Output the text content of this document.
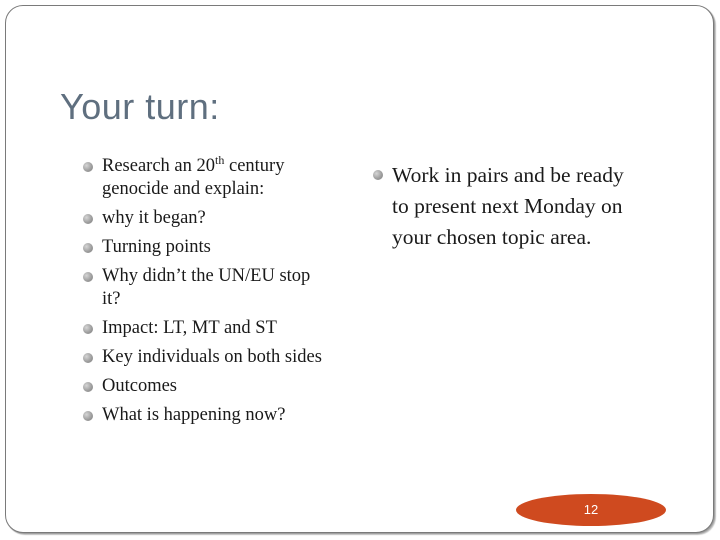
Your turn:
Research an 20th century genocide and explain:
why it began?
Turning points
Why didn’t the UN/EU stop it?
Impact: LT, MT and ST
Key individuals on both sides
Outcomes
What is happening now?
Work in pairs and be ready to present next Monday on your chosen topic area.
12
